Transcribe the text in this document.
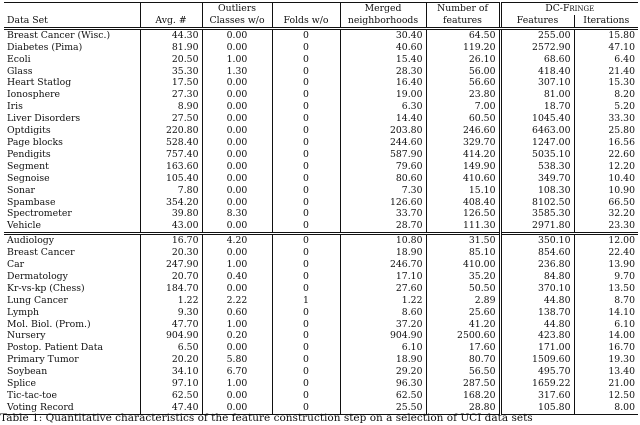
		Outliers		Merged	Number of	DC-Fringe	
Data Set	Avg. #	Classes w/o	Folds w/o	neighborhoods	features	Features	Iterations
Breast Cancer (Wisc.)	44.30	0.00	0	30.40	64.50	255.00	15.80
Diabetes (Pima)	81.90	0.00	0	40.60	119.20	2572.90	47.10
Ecoli	20.50	1.00	0	15.40	26.10	68.60	6.40
Glass	35.30	1.30	0	28.30	56.00	418.40	21.40
Heart Statlog	17.50	0.00	0	16.40	56.60	307.10	15.30
Ionosphere	27.30	0.00	0	19.00	23.80	81.00	8.20
Iris	8.90	0.00	0	6.30	7.00	18.70	5.20
Liver Disorders	27.50	0.00	0	14.40	60.50	1045.40	33.30
Optdigits	220.80	0.00	0	203.80	246.60	6463.00	25.80
Page blocks	528.40	0.00	0	244.60	329.70	1247.00	16.56
Pendigits	757.40	0.00	0	587.90	414.20	5035.10	22.60
Segment	163.60	0.00	0	79.60	149.90	538.30	12.20
Segnoise	105.40	0.00	0	80.60	410.60	349.70	10.40
Sonar	7.80	0.00	0	7.30	15.10	108.30	10.90
Spambase	354.20	0.00	0	126.60	408.40	8102.50	66.50
Spectrometer	39.80	8.30	0	33.70	126.50	3585.30	32.20
Vehicle	43.00	0.00	0	28.70	111.30	2971.80	23.30
Audiology	16.70	4.20	0	10.80	31.50	350.10	12.00
Breast Cancer	20.30	0.00	0	18.90	85.10	854.60	22.40
Car	247.90	1.00	0	246.70	410.00	236.80	13.90
Dermatology	20.70	0.40	0	17.10	35.20	84.80	9.70
Kr-vs-kp (Chess)	184.70	0.00	0	27.60	50.50	370.10	13.50
Lung Cancer	1.22	2.22	1	1.22	2.89	44.80	8.70
Lymph	9.30	0.60	0	8.60	25.60	138.70	14.10
Mol. Biol. (Prom.)	47.70	1.00	0	37.20	41.20	44.80	6.10
Nursery	904.90	0.20	0	904.90	2500.60	423.80	14.00
Postop. Patient Data	6.50	0.00	0	6.10	17.60	171.00	16.70
Primary Tumor	20.20	5.80	0	18.90	80.70	1509.60	19.30
Soybean	34.10	6.70	0	29.20	56.50	495.70	13.40
Splice	97.10	1.00	0	96.30	287.50	1659.22	21.00
Tic-tac-toe	62.50	0.00	0	62.50	168.20	317.60	12.50
Voting Record	47.40	0.00	0	25.50	28.80	105.80	8.00
Table 1: Quantitative characteristics of the feature construction step on a selection of UCI data sets
